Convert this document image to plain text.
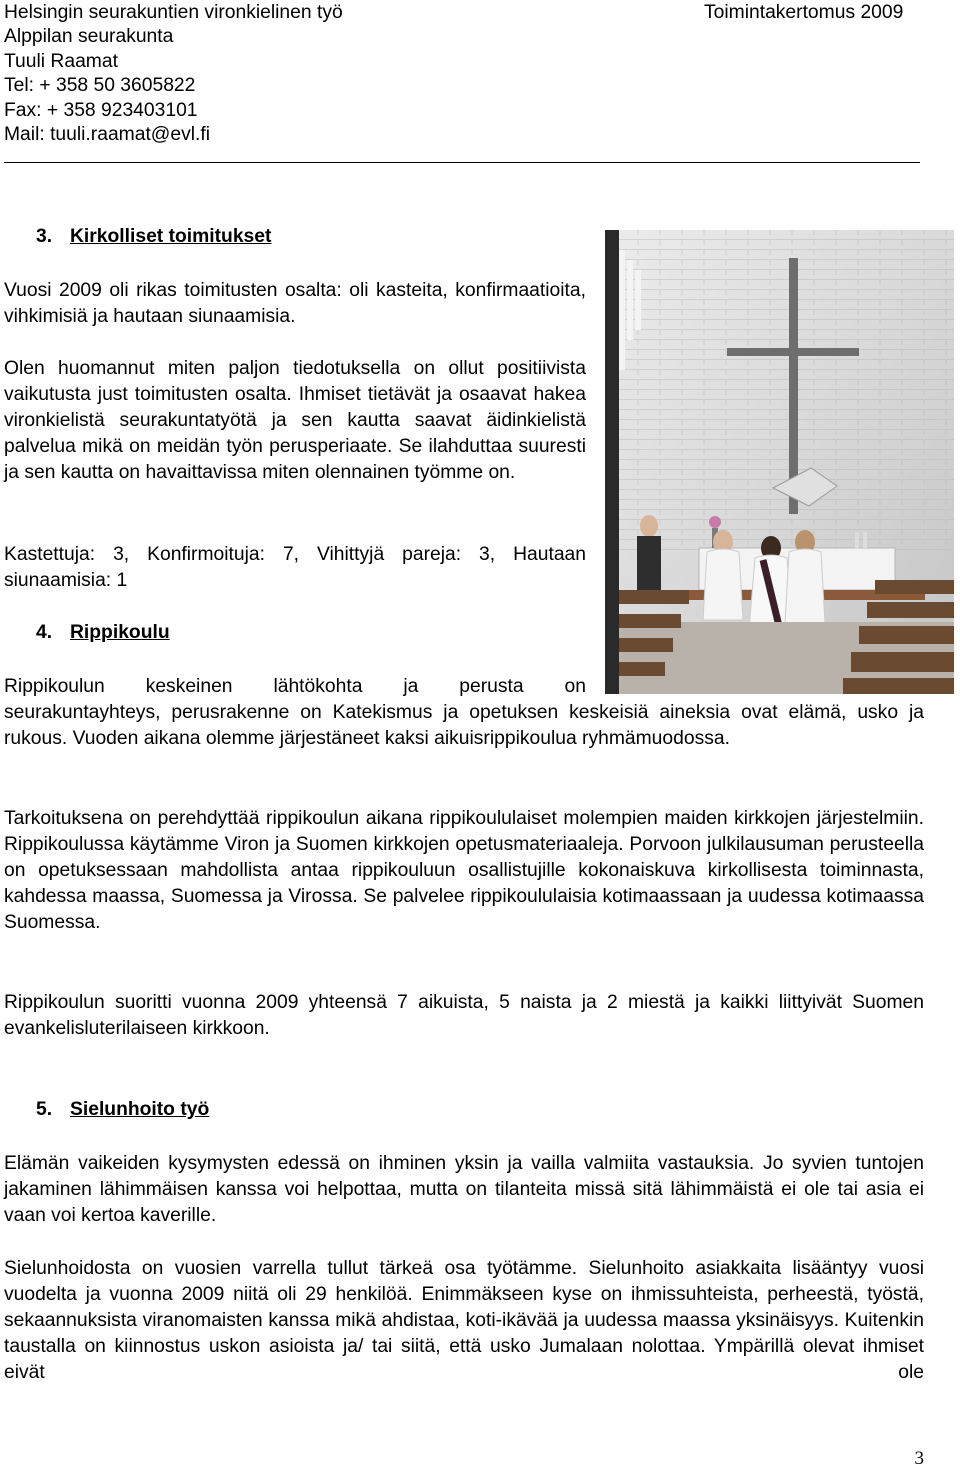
Helsingin seurakuntien vironkielinen työ
Alppilan seurakunta
Tuuli Raamat
Tel: + 358 50 3605822
Fax: + 358 923403101
Mail: tuuli.raamat@evl.fi
Toimintakertomus 2009
3. Kirkolliset toimitukset
Vuosi 2009 oli rikas toimitusten osalta: oli kasteita, konfirmaatioita, vihkimisiä ja hautaan siunaamisia.
Olen huomannut miten paljon tiedotuksella on ollut positiivista vaikutusta just toimitusten osalta. Ihmiset tietävät ja osaavat hakea vironkielistä seurakuntatyötä ja sen kautta saavat äidinkielistä palvelua mikä on meidän työn perusperiaate. Se ilahduttaa suuresti ja sen kautta on havaittavissa miten olennainen työmme on.
Kastettuja: 3, Konfirmoituja: 7, Vihittyjä pareja: 3, Hautaan siunaamisia: 1
4. Rippikoulu
Rippikoulun keskeinen lähtökohta ja perusta on
seurakuntayhteys, perusrakenne on Katekismus ja opetuksen keskeisiä aineksia ovat elämä, usko ja rukous. Vuoden aikana olemme järjestäneet kaksi aikuisrippikoulua ryhmämuodossa.
Tarkoituksena on perehdyttää rippikoulun aikana rippikoululaiset molempien maiden kirkkojen järjestelmiin. Rippikoulussa käytämme Viron ja Suomen kirkkojen opetusmateriaaleja. Porvoon julkilausuman perusteella on opetuksessaan mahdollista antaa rippikouluun osallistujille kokonaiskuva kirkollisesta toiminnasta, kahdessa maassa, Suomessa ja Virossa. Se palvelee rippikoululaisia kotimaassaan ja uudessa kotimaassa Suomessa.
Rippikoulun suoritti vuonna 2009 yhteensä 7 aikuista, 5 naista ja 2 miestä ja kaikki liittyivät Suomen evankelisluterilaiseen kirkkoon.
5. Sielunhoito työ
Elämän vaikeiden kysymysten edessä on ihminen yksin ja vailla valmiita vastauksia. Jo syvien tuntojen jakaminen lähimmäisen kanssa voi helpottaa, mutta on tilanteita missä sitä lähimmäistä ei ole tai asia ei vaan voi kertoa kaverille.
Sielunhoidosta on vuosien varrella tullut tärkeä osa työtämme. Sielunhoito asiakkaita lisääntyy vuosi vuodelta ja vuonna 2009 niitä oli 29 henkilöä. Enimmäkseen kyse on ihmissuhteista, perheestä, työstä, sekaannuksista viranomaisten kanssa mikä ahdistaa, koti-ikävää ja uudessa maassa yksinäisyys. Kuitenkin taustalla on kiinnostus uskon asioista ja/ tai siitä, että usko Jumalaan nolottaa. Ympärillä olevat ihmiset eivät ole
3
